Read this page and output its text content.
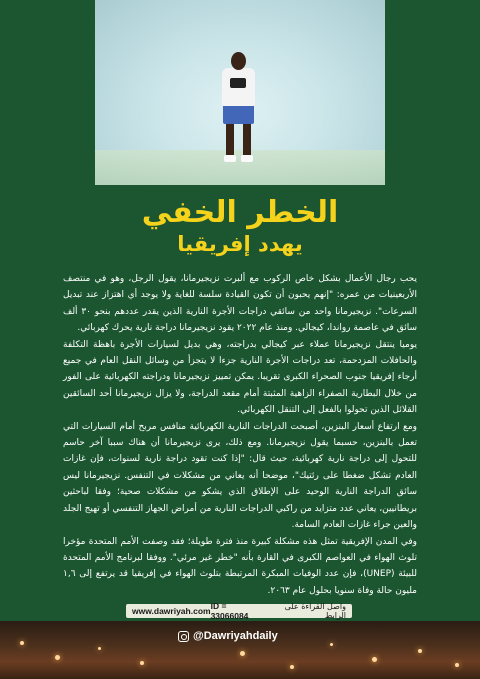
الخطر الخفي
يهدد إفريقيا

يحب رجال الأعمال بشكل خاص الركوب مع ألبرت نزيجيرمانا، يقول الرجل، وهو في منتصف الأربعينيات من عمره: "إنهم يحبون أن تكون القيادة سلسة للغاية ولا يوجد أي اهتزاز عند تبديل السرعات". نزيجيرمانا واحد من سائقي دراجات الأجرة النارية الذين يقدر عددهم بنحو ٣٠ ألف سائق في عاصمة رواندا، كيجالي. ومنذ عام ٢٠٢٢ يقود نزيجيرمانا دراجة نارية يحرك كهربائي.

يوميا ينتقل نزيجيرمانا عملاء عبر كيجالي بدراجته، وهي بديل لسيارات الأجرة باهظة التكلفة والحافلات المزدحمة، تعد دراجات الأجرة النارية جزءا لا يتجزأ من وسائل النقل العام في جميع أرجاء إفريقيا جنوب الصحراء الكبرى تقريبا. يمكن تمييز نزيجيرمانا ودراجته الكهربائية على الفور من خلال البطارية الصفراء الزاهية المثبتة أمام مقعد الدراجة، ولا يزال نزيجيرمانا أحد السائقين القلائل الذين تحولوا بالفعل إلى التنقل الكهربائي.

ومع ارتفاع أسعار البنزين، أصبحت الدراجات النارية الكهربائية منافس مربح أمام السيارات التي تعمل بالبنزين، حسبما يقول نزيجيرمانا. ومع ذلك، يرى نزيجيرمانا أن هناك سببا آخر حاسم للتحول إلى دراجة نارية كهربائية، حيث قال: "إذا كنت تقود دراجة نارية لسنوات، فإن غازات العادم تشكل ضغطا على رئتيك"، موضحا أنه يعاني من مشكلات في التنفس. نزيجيرمانا ليس سائق الدراجة النارية الوحيد على الإطلاق الذي يشكو من مشكلات صحية؛ وفقا لباحثين بريطانيين، يعاني عدد متزايد من راكبي الدراجات النارية من أمراض الجهاز التنفسي أو تهيج الجلد والعين جراء غازات العادم السامة.

وفي المدن الإفريقية تمثل هذه مشكلة كبيرة منذ فترة طويلة؛ فقد وصفت الأمم المتحدة مؤخرا تلوث الهواء في العواصم الكبرى في القارة بأنه "خطر غير مرئي". ووفقا لبرنامج الأمم المتحدة للبيئة (UNEP)، فإن عدد الوفيات المبكرة المرتبطة بتلوث الهواء في إفريقيا قد يرتفع إلى ١,٦ مليون حالة وفاة سنويا بحلول عام ٢٠٦٣.

www.dawriyah.com ID = 33066084
واصل القراءة على الرابط
@Dawriyahdaily
